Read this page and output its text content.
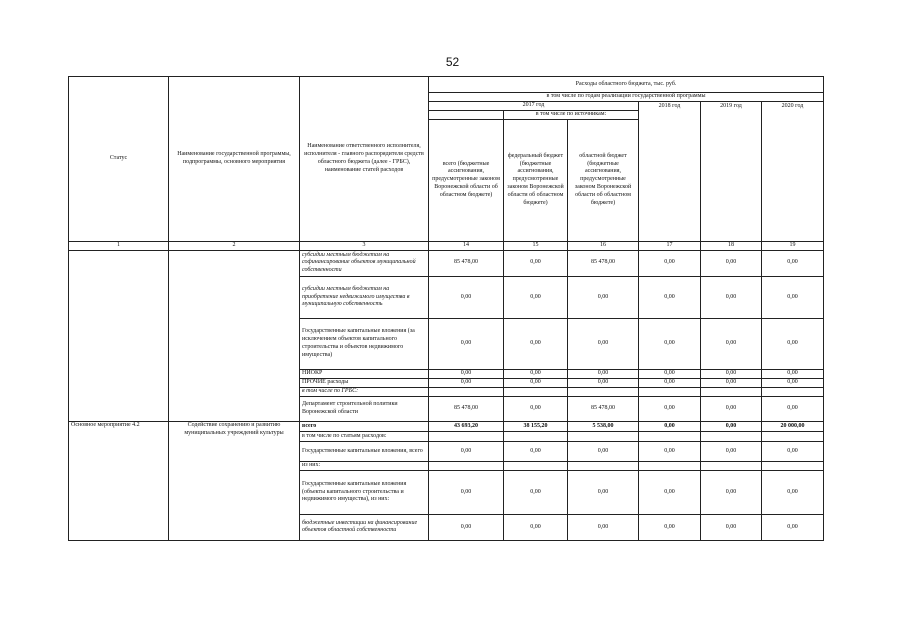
52
Статус	Наименование государственной программы, подпрограммы, основного мероприятия	Наименование ответственного исполнителя, исполнителя - главного распорядителя средств областного бюджета (далее - ГРБС), наименование статей расходов	Расходы областного бюджета, тыс. руб.					
			в том числе по годам реализации государственной программы					
			2017 год			2018 год	2019 год	2020 год
				в том числе по источникам:				
			всего (бюджетные ассигнования, предусмотренные законом Воронежской области об областном бюджете)	федеральный бюджет (бюджетные ассигнования, предусмотренные законом Воронежской области об областном бюджете)	областной бюджет (бюджетные ассигнования, предусмотренные законом Воронежской области об областном бюджете)			
1	2	3	14	15	16	17	18	19
		субсидии местным бюджетам на софинансирование объектов муниципальной собственности	85 478,00	0,00	85 478,00	0,00	0,00	0,00
		субсидии местным бюджетам на приобретение недвижимого имущества в муниципальную собственность	0,00	0,00	0,00	0,00	0,00	0,00
		Государственные капитальные вложения (за исключением объектов капитального строительства и объектов недвижимого имущества)	0,00	0,00	0,00	0,00	0,00	0,00
		НИОКР	0,00	0,00	0,00	0,00	0,00	0,00
		ПРОЧИЕ расходы	0,00	0,00	0,00	0,00	0,00	0,00
		в том числе по ГРБС:						
		Департамент строительной политики Воронежской области	85 478,00	0,00	85 478,00	0,00	0,00	0,00
Основное мероприятие 4.2	Содействие сохранению и развитию муниципальных учреждений культуры	всего	43 693,20	38 155,20	5 538,00	0,00	0,00	20 000,00
		в том числе по статьям расходов:						
		Государственные капитальные вложения, всего	0,00	0,00	0,00	0,00	0,00	0,00
		из них:						
		Государственные капитальные вложения (объекты капитального строительства и недвижимого имущества), из них:	0,00	0,00	0,00	0,00	0,00	0,00
		бюджетные инвестиции на финансирование объектов областной собственности	0,00	0,00	0,00	0,00	0,00	0,00
